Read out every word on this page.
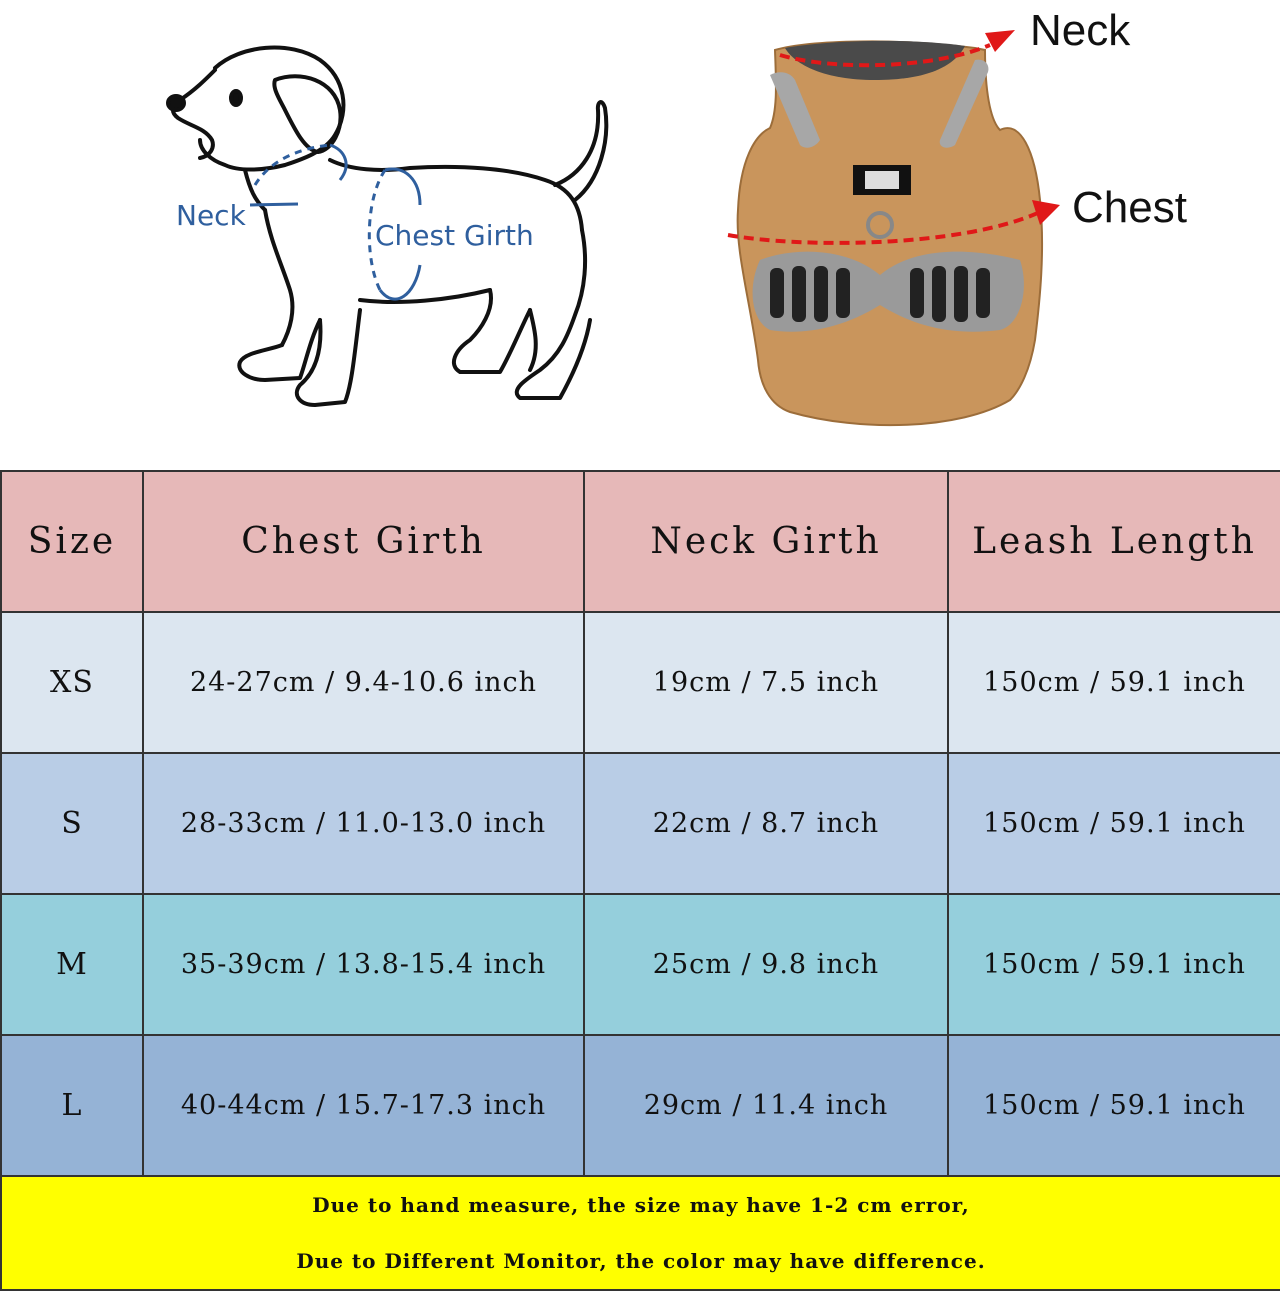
Neck
Chest Girth
Neck
Chest
Size	Chest Girth	Neck Girth	Leash Length
XS	24-27cm / 9.4-10.6 inch	19cm / 7.5 inch	150cm / 59.1 inch
S	28-33cm / 11.0-13.0 inch	22cm / 8.7 inch	150cm / 59.1 inch
M	35-39cm / 13.8-15.4 inch	25cm / 9.8 inch	150cm / 59.1 inch
L	40-44cm / 15.7-17.3 inch	29cm / 11.4 inch	150cm / 59.1 inch

Due to hand measure, the size may have 1-2 cm error,
Due to Different Monitor, the color may have difference.			
